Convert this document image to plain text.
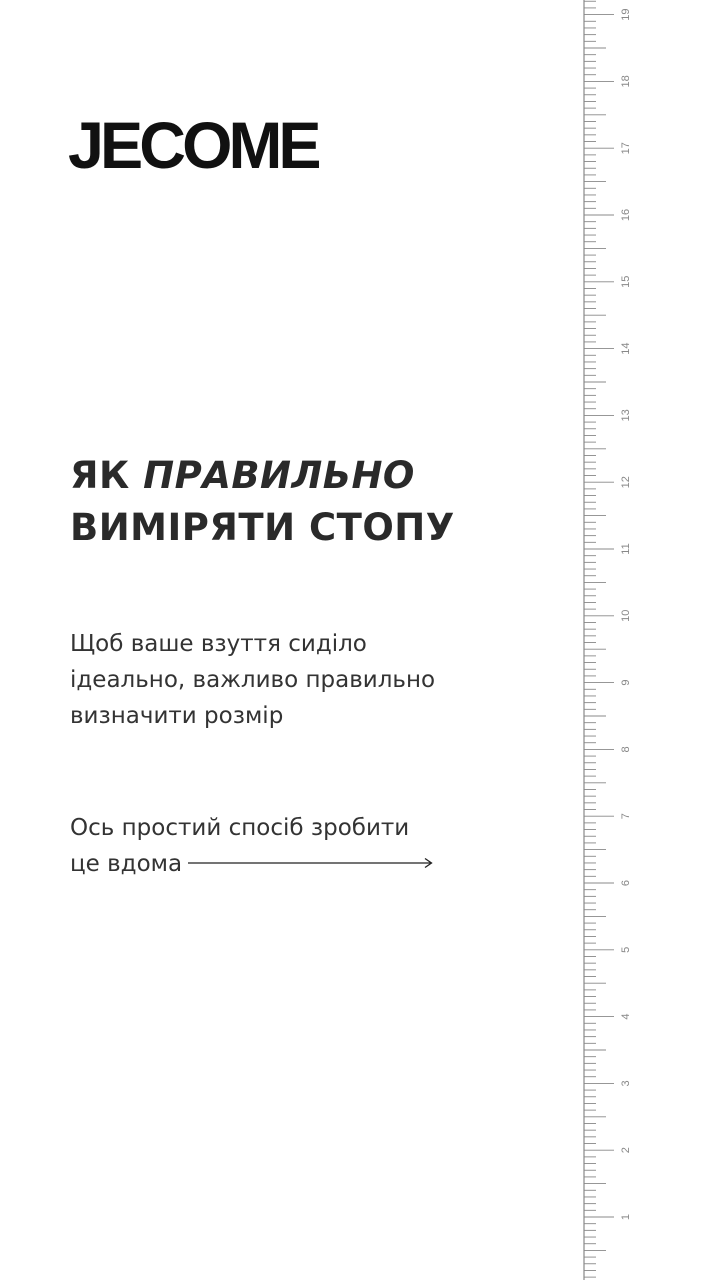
JECOME
ЯК ПРАВИЛЬНО
ВИМІРЯТИ СТОПУ

Щоб ваше взуття сиділо
ідеально, важливо правильно
визначити розмір

Ось простий спосіб зробити
це вдома

1
2
3
4
5
6
7
8
9
10
11
12
13
14
15
16
17
18
19
